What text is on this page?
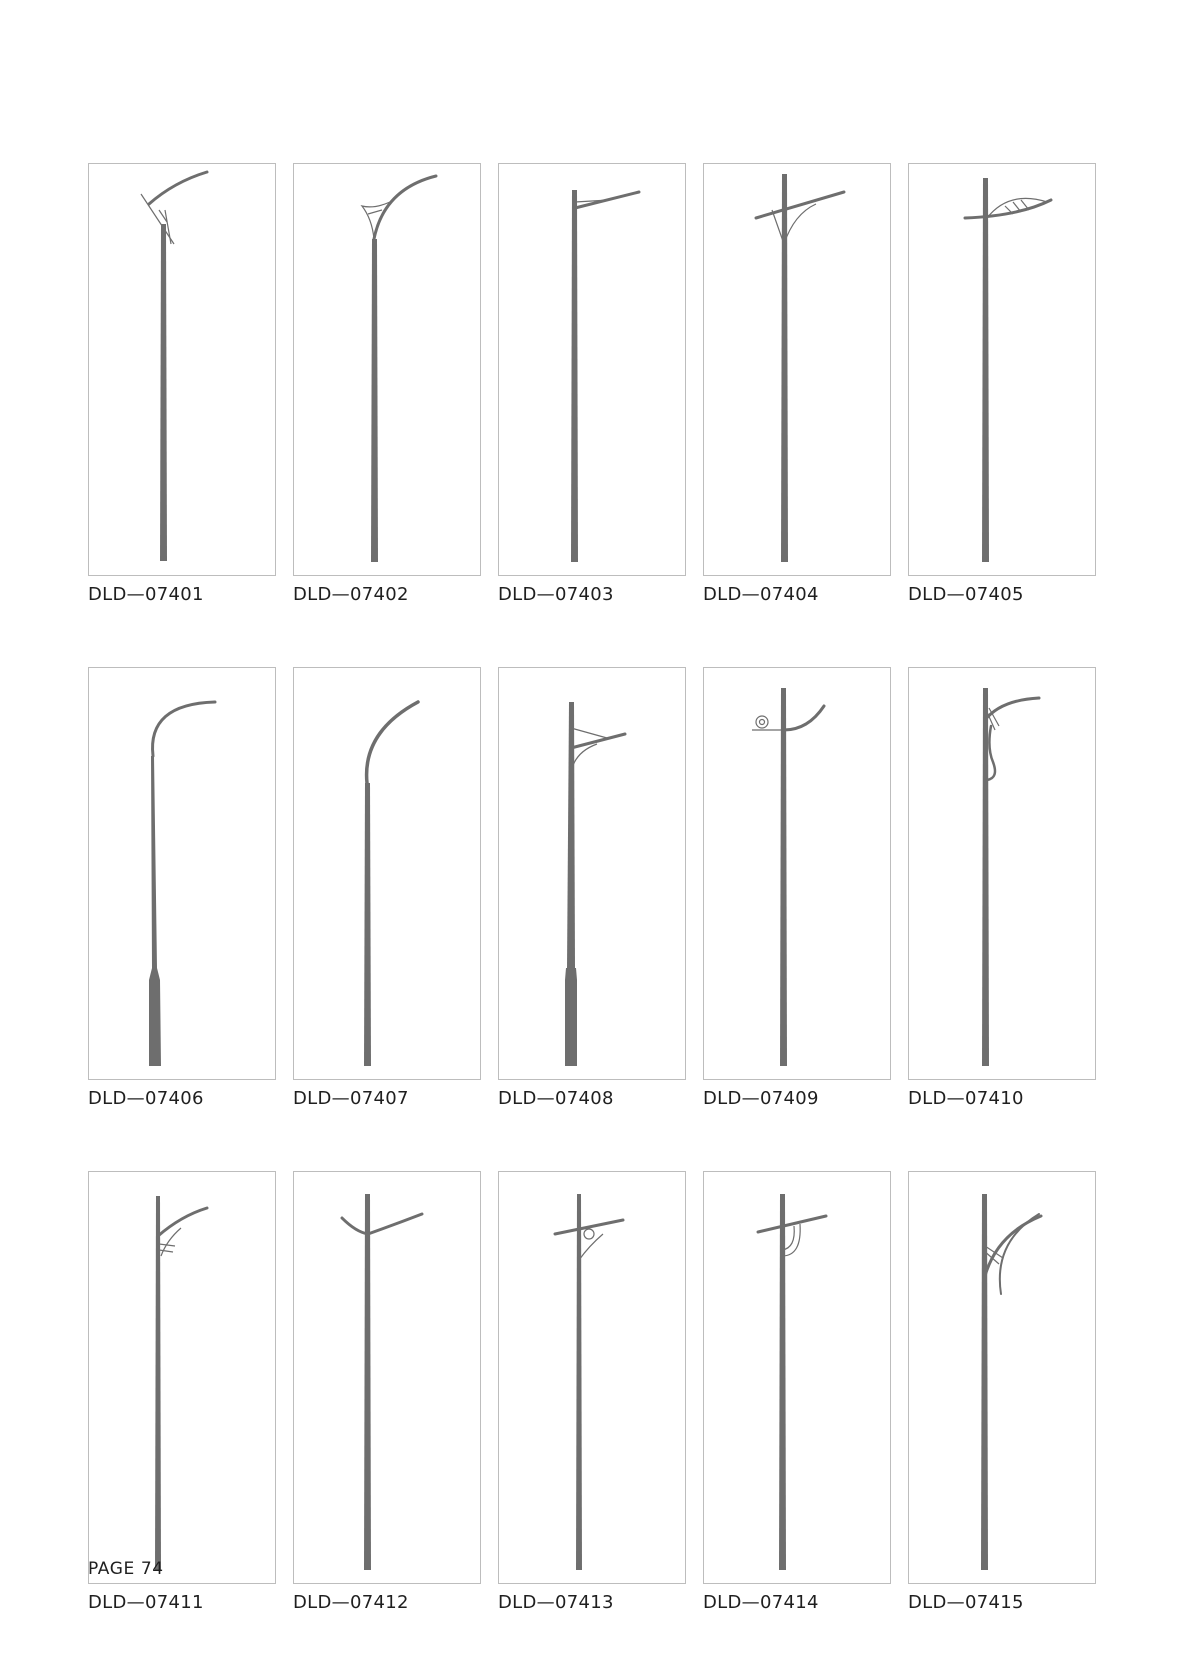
DLD—07401	DLD—07402	DLD—07403	DLD—07404	DLD—07405
DLD—07406	DLD—07407	DLD—07408	DLD—07409	DLD—07410
DLD—07411	DLD—07412	DLD—07413	DLD—07414	DLD—07415
PAGE 74
